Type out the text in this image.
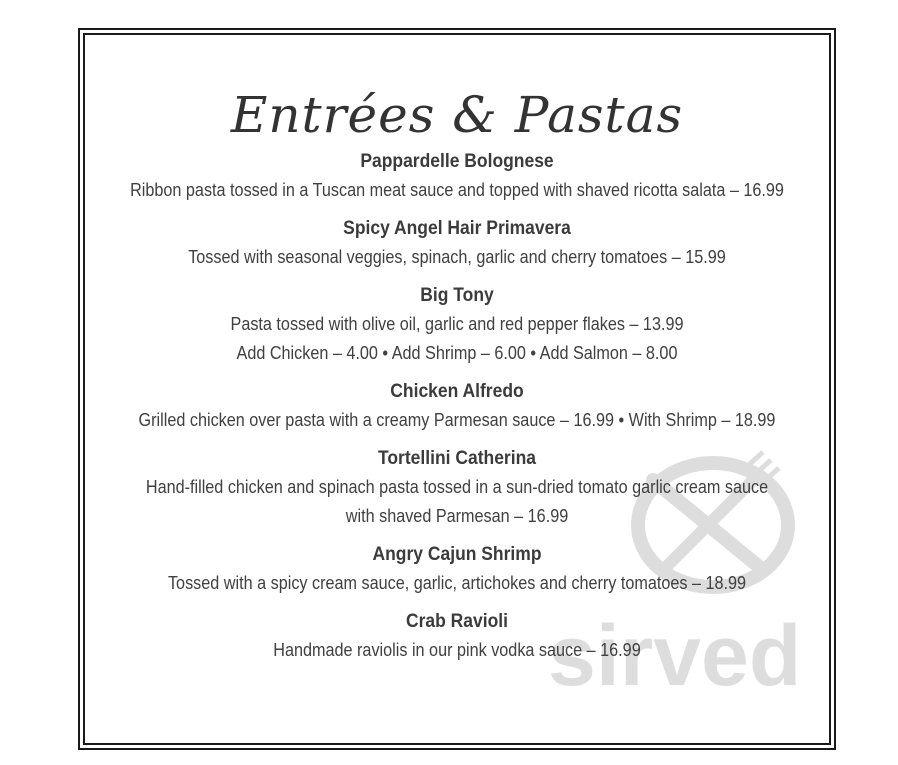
sirved
Entrées & Pastas
Pappardelle Bolognese
Ribbon pasta tossed in a Tuscan meat sauce and topped with shaved ricotta salata – 16.99
Spicy Angel Hair Primavera
Tossed with seasonal veggies, spinach, garlic and cherry tomatoes – 15.99
Big Tony
Pasta tossed with olive oil, garlic and red pepper flakes – 13.99
Add Chicken – 4.00 • Add Shrimp – 6.00 • Add Salmon – 8.00
Chicken Alfredo
Grilled chicken over pasta with a creamy Parmesan sauce – 16.99 • With Shrimp – 18.99
Tortellini Catherina
Hand-filled chicken and spinach pasta tossed in a sun-dried tomato garlic cream sauce
with shaved Parmesan – 16.99
Angry Cajun Shrimp
Tossed with a spicy cream sauce, garlic, artichokes and cherry tomatoes – 18.99
Crab Ravioli
Handmade raviolis in our pink vodka sauce – 16.99
